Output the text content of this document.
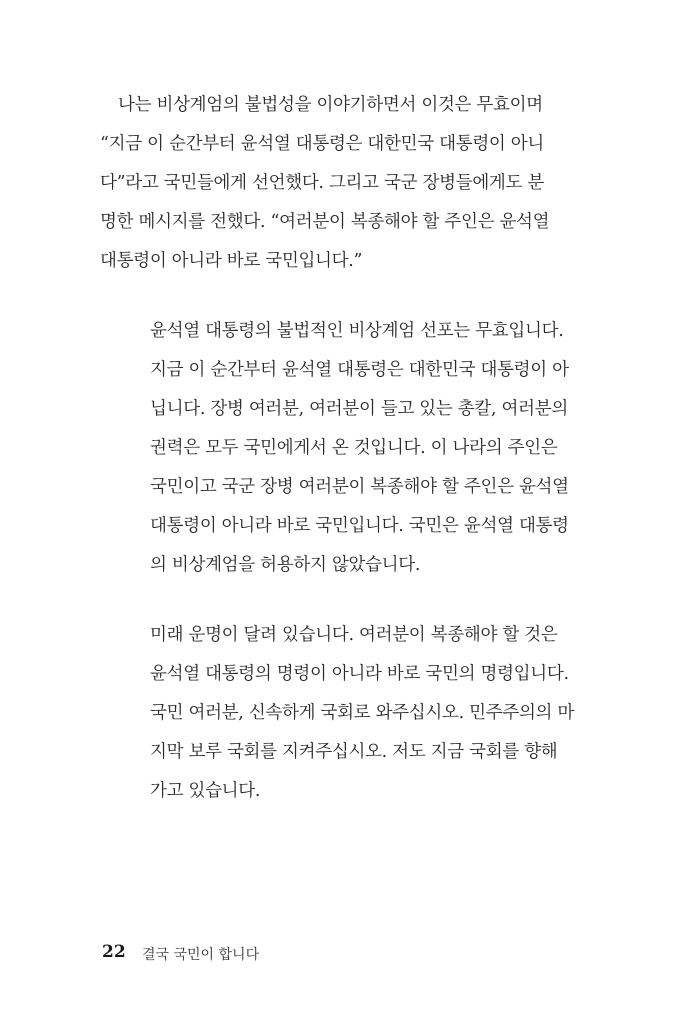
나는 비상계엄의 불법성을 이야기하면서 이것은 무효이며
“지금 이 순간부터 윤석열 대통령은 대한민국 대통령이 아니
다”라고 국민들에게 선언했다. 그리고 국군 장병들에게도 분
명한 메시지를 전했다. “여러분이 복종해야 할 주인은 윤석열
대통령이 아니라 바로 국민입니다.”
윤석열 대통령의 불법적인 비상계엄 선포는 무효입니다.
지금 이 순간부터 윤석열 대통령은 대한민국 대통령이 아
닙니다. 장병 여러분, 여러분이 들고 있는 총칼, 여러분의
권력은 모두 국민에게서 온 것입니다. 이 나라의 주인은
국민이고 국군 장병 여러분이 복종해야 할 주인은 윤석열
대통령이 아니라 바로 국민입니다. 국민은 윤석열 대통령
의 비상계엄을 허용하지 않았습니다.
미래 운명이 달려 있습니다. 여러분이 복종해야 할 것은
윤석열 대통령의 명령이 아니라 바로 국민의 명령입니다.
국민 여러분, 신속하게 국회로 와주십시오. 민주주의의 마
지막 보루 국회를 지켜주십시오. 저도 지금 국회를 향해
가고 있습니다.
22 결국 국민이 합니다
